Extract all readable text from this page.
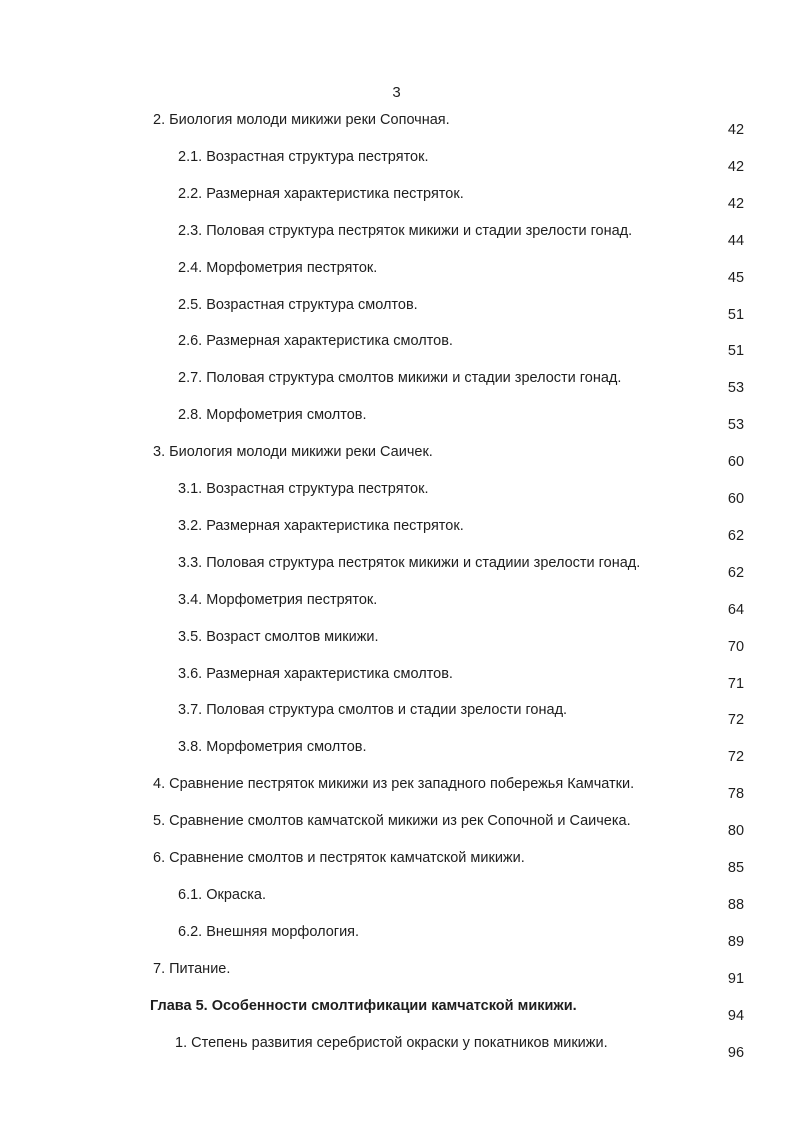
3
2. Биология молоди микижи реки Сопочная.
42
2.1. Возрастная структура пестряток.
42
2.2. Размерная характеристика пестряток.
42
2.3. Половая структура пестряток микижи и стадии зрелости гонад.
44
2.4. Морфометрия пестряток.
45
2.5. Возрастная структура смолтов.
51
2.6. Размерная характеристика смолтов.
51
2.7. Половая структура смолтов микижи и стадии зрелости гонад.
53
2.8. Морфометрия смолтов.
53
3. Биология молоди микижи реки Саичек.
60
3.1. Возрастная структура пестряток.
60
3.2. Размерная характеристика пестряток.
62
3.3. Половая структура пестряток микижи и стадиии зрелости гонад.
62
3.4. Морфометрия пестряток.
64
3.5. Возраст смолтов микижи.
70
3.6. Размерная характеристика смолтов.
71
3.7. Половая структура смолтов и стадии зрелости гонад.
72
3.8. Морфометрия смолтов.
72
4. Сравнение пестряток микижи из рек западного побережья Камчатки.
78
5. Сравнение смолтов камчатской микижи из рек Сопочной и Саичека.
80
6. Сравнение смолтов и пестряток камчатской микижи.
85
6.1. Окраска.
88
6.2. Внешняя морфология.
89
7. Питание.
91
Глава 5. Особенности смолтификации камчатской микижи.
94
1. Степень развития серебристой окраски у покатников микижи.
96
